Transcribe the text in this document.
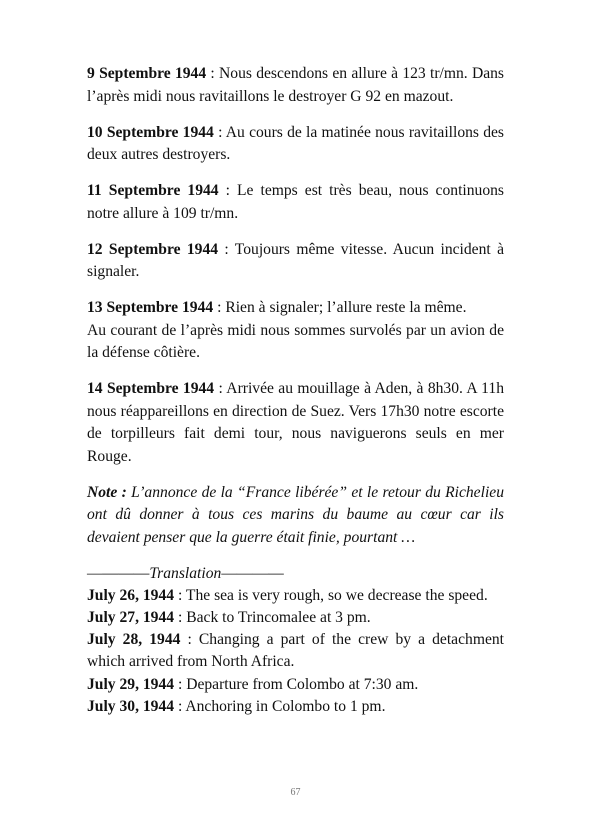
9 Septembre 1944 : Nous descendons en allure à 123 tr/mn. Dans l’après midi nous ravitaillons le destroyer G 92 en mazout.

10 Septembre 1944 : Au cours de la matinée nous ravitaillons des deux autres destroyers.

11 Septembre 1944 : Le temps est très beau, nous continuons notre allure à 109 tr/mn.

12 Septembre 1944 : Toujours même vitesse. Aucun incident à signaler.

13 Septembre 1944 : Rien à signaler; l’allure reste la même.
Au courant de l’après midi nous sommes survolés par un avion de la défense côtière.

14 Septembre 1944 : Arrivée au mouillage à Aden, à 8h30. A 11h nous réappareillons en direction de Suez. Vers 17h30 notre escorte de torpilleurs fait demi tour, nous naviguerons seuls en mer Rouge.

Note : L’annonce de la “France libérée” et le retour du Richelieu ont dû donner à tous ces marins du baume au cœur car ils devaient penser que la guerre était finie, pourtant …

————Translation————

July 26, 1944 : The sea is very rough, so we decrease the speed.

July 27, 1944 : Back to Trincomalee at 3 pm.

July 28, 1944 : Changing a part of the crew by a detachment which arrived from North Africa.

July 29, 1944 : Departure from Colombo at 7:30 am.

July 30, 1944 : Anchoring in Colombo to 1 pm.

67
